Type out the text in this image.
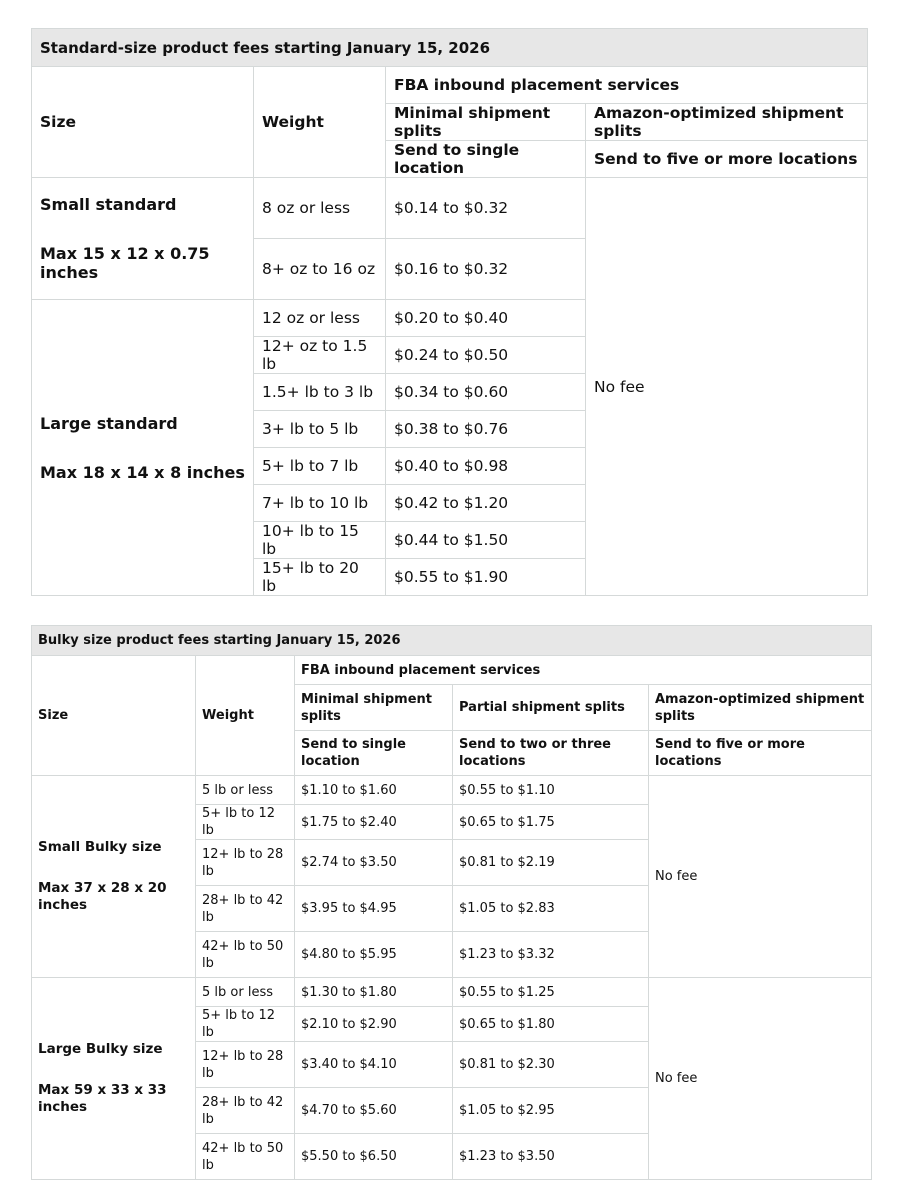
Standard-size product fees starting January 15, 2026			
Size	Weight	FBA inbound placement services	
		Minimal shipment splits	Amazon-optimized shipment splits
		Send to single location	Send to five or more locations

Small standard

Max 15 x 12 x 0.75 inches	8 oz or less	$0.14 to $0.32	No fee
	8+ oz to 16 oz	$0.16 to $0.32	

Large standard

Max 18 x 14 x 8 inches	12 oz or less	$0.20 to $0.40	
	12+ oz to 1.5 lb	$0.24 to $0.50	
	1.5+ lb to 3 lb	$0.34 to $0.60	
	3+ lb to 5 lb	$0.38 to $0.76	
	5+ lb to 7 lb	$0.40 to $0.98	
	7+ lb to 10 lb	$0.42 to $1.20	
	10+ lb to 15 lb	$0.44 to $1.50	
	15+ lb to 20 lb	$0.55 to $1.90	
Bulky size product fees starting January 15, 2026				
Size	Weight	FBA inbound placement services		
		Minimal shipment splits	Partial shipment splits	Amazon-optimized shipment splits
		Send to single location	Send to two or three locations	Send to five or more locations

Small Bulky size

Max 37 x 28 x 20 inches	5 lb or less	$1.10 to $1.60	$0.55 to $1.10	No fee
	5+ lb to 12 lb	$1.75 to $2.40	$0.65 to $1.75	
	12+ lb to 28 lb	$2.74 to $3.50	$0.81 to $2.19	
	28+ lb to 42 lb	$3.95 to $4.95	$1.05 to $2.83	
	42+ lb to 50 lb	$4.80 to $5.95	$1.23 to $3.32	

Large Bulky size

Max 59 x 33 x 33 inches	5 lb or less	$1.30 to $1.80	$0.55 to $1.25	No fee
	5+ lb to 12 lb	$2.10 to $2.90	$0.65 to $1.80	
	12+ lb to 28 lb	$3.40 to $4.10	$0.81 to $2.30	
	28+ lb to 42 lb	$4.70 to $5.60	$1.05 to $2.95	
	42+ lb to 50 lb	$5.50 to $6.50	$1.23 to $3.50	
